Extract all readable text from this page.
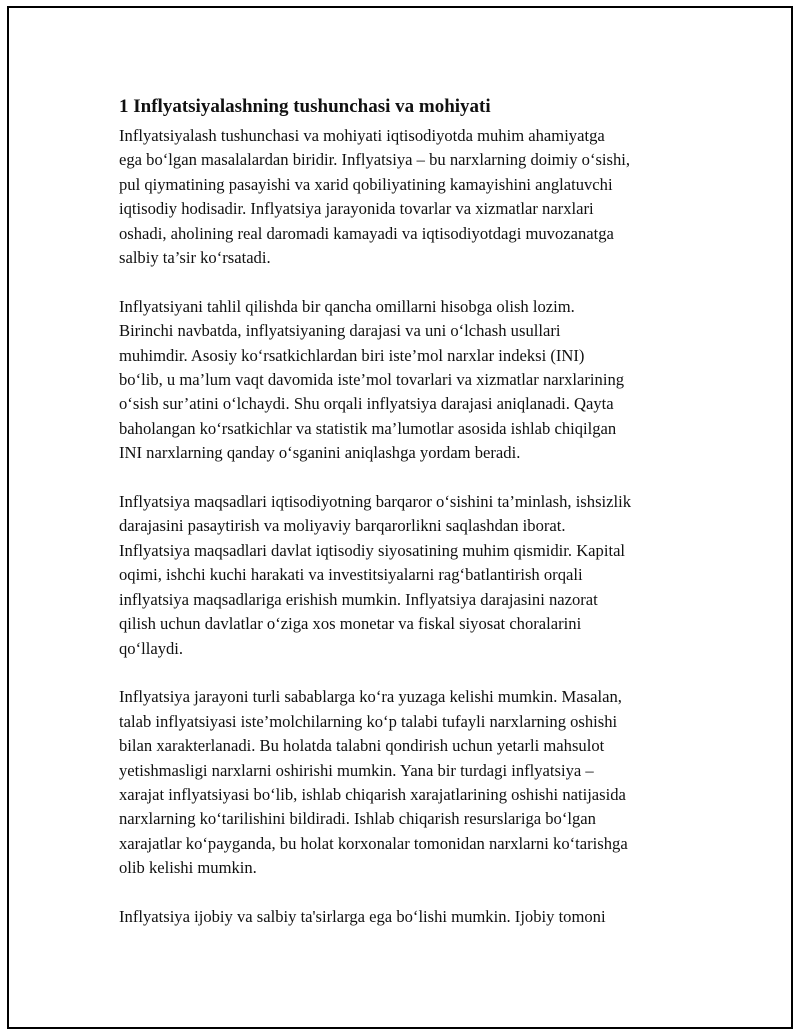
1 Inflyatsiyalashning tushunchasi va mohiyati
Inflyatsiyalash tushunchasi va mohiyati iqtisodiyotda muhim ahamiyatga
ega bo‘lgan masalalardan biridir. Inflyatsiya – bu narxlarning doimiy o‘sishi,
pul qiymatining pasayishi va xarid qobiliyatining kamayishini anglatuvchi
iqtisodiy hodisadir. Inflyatsiya jarayonida tovarlar va xizmatlar narxlari
oshadi, aholining real daromadi kamayadi va iqtisodiyotdagi muvozanatga
salbiy ta’sir ko‘rsatadi.
Inflyatsiyani tahlil qilishda bir qancha omillarni hisobga olish lozim.
Birinchi navbatda, inflyatsiyaning darajasi va uni o‘lchash usullari
muhimdir. Asosiy ko‘rsatkichlardan biri iste’mol narxlar indeksi (INI)
bo‘lib, u ma’lum vaqt davomida iste’mol tovarlari va xizmatlar narxlarining
o‘sish sur’atini o‘lchaydi. Shu orqali inflyatsiya darajasi aniqlanadi. Qayta
baholangan ko‘rsatkichlar va statistik ma’lumotlar asosida ishlab chiqilgan
INI narxlarning qanday o‘sganini aniqlashga yordam beradi.
Inflyatsiya maqsadlari iqtisodiyotning barqaror o‘sishini ta’minlash, ishsizlik
darajasini pasaytirish va moliyaviy barqarorlikni saqlashdan iborat.
Inflyatsiya maqsadlari davlat iqtisodiy siyosatining muhim qismidir. Kapital
oqimi, ishchi kuchi harakati va investitsiyalarni rag‘batlantirish orqali
inflyatsiya maqsadlariga erishish mumkin. Inflyatsiya darajasini nazorat
qilish uchun davlatlar o‘ziga xos monetar va fiskal siyosat choralarini
qo‘llaydi.
Inflyatsiya jarayoni turli sabablarga ko‘ra yuzaga kelishi mumkin. Masalan,
talab inflyatsiyasi iste’molchilarning ko‘p talabi tufayli narxlarning oshishi
bilan xarakterlanadi. Bu holatda talabni qondirish uchun yetarli mahsulot
yetishmasligi narxlarni oshirishi mumkin. Yana bir turdagi inflyatsiya –
xarajat inflyatsiyasi bo‘lib, ishlab chiqarish xarajatlarining oshishi natijasida
narxlarning ko‘tarilishini bildiradi. Ishlab chiqarish resurslariga bo‘lgan
xarajatlar ko‘payganda, bu holat korxonalar tomonidan narxlarni ko‘tarishga
olib kelishi mumkin.
Inflyatsiya ijobiy va salbiy ta'sirlarga ega bo‘lishi mumkin. Ijobiy tomoni
